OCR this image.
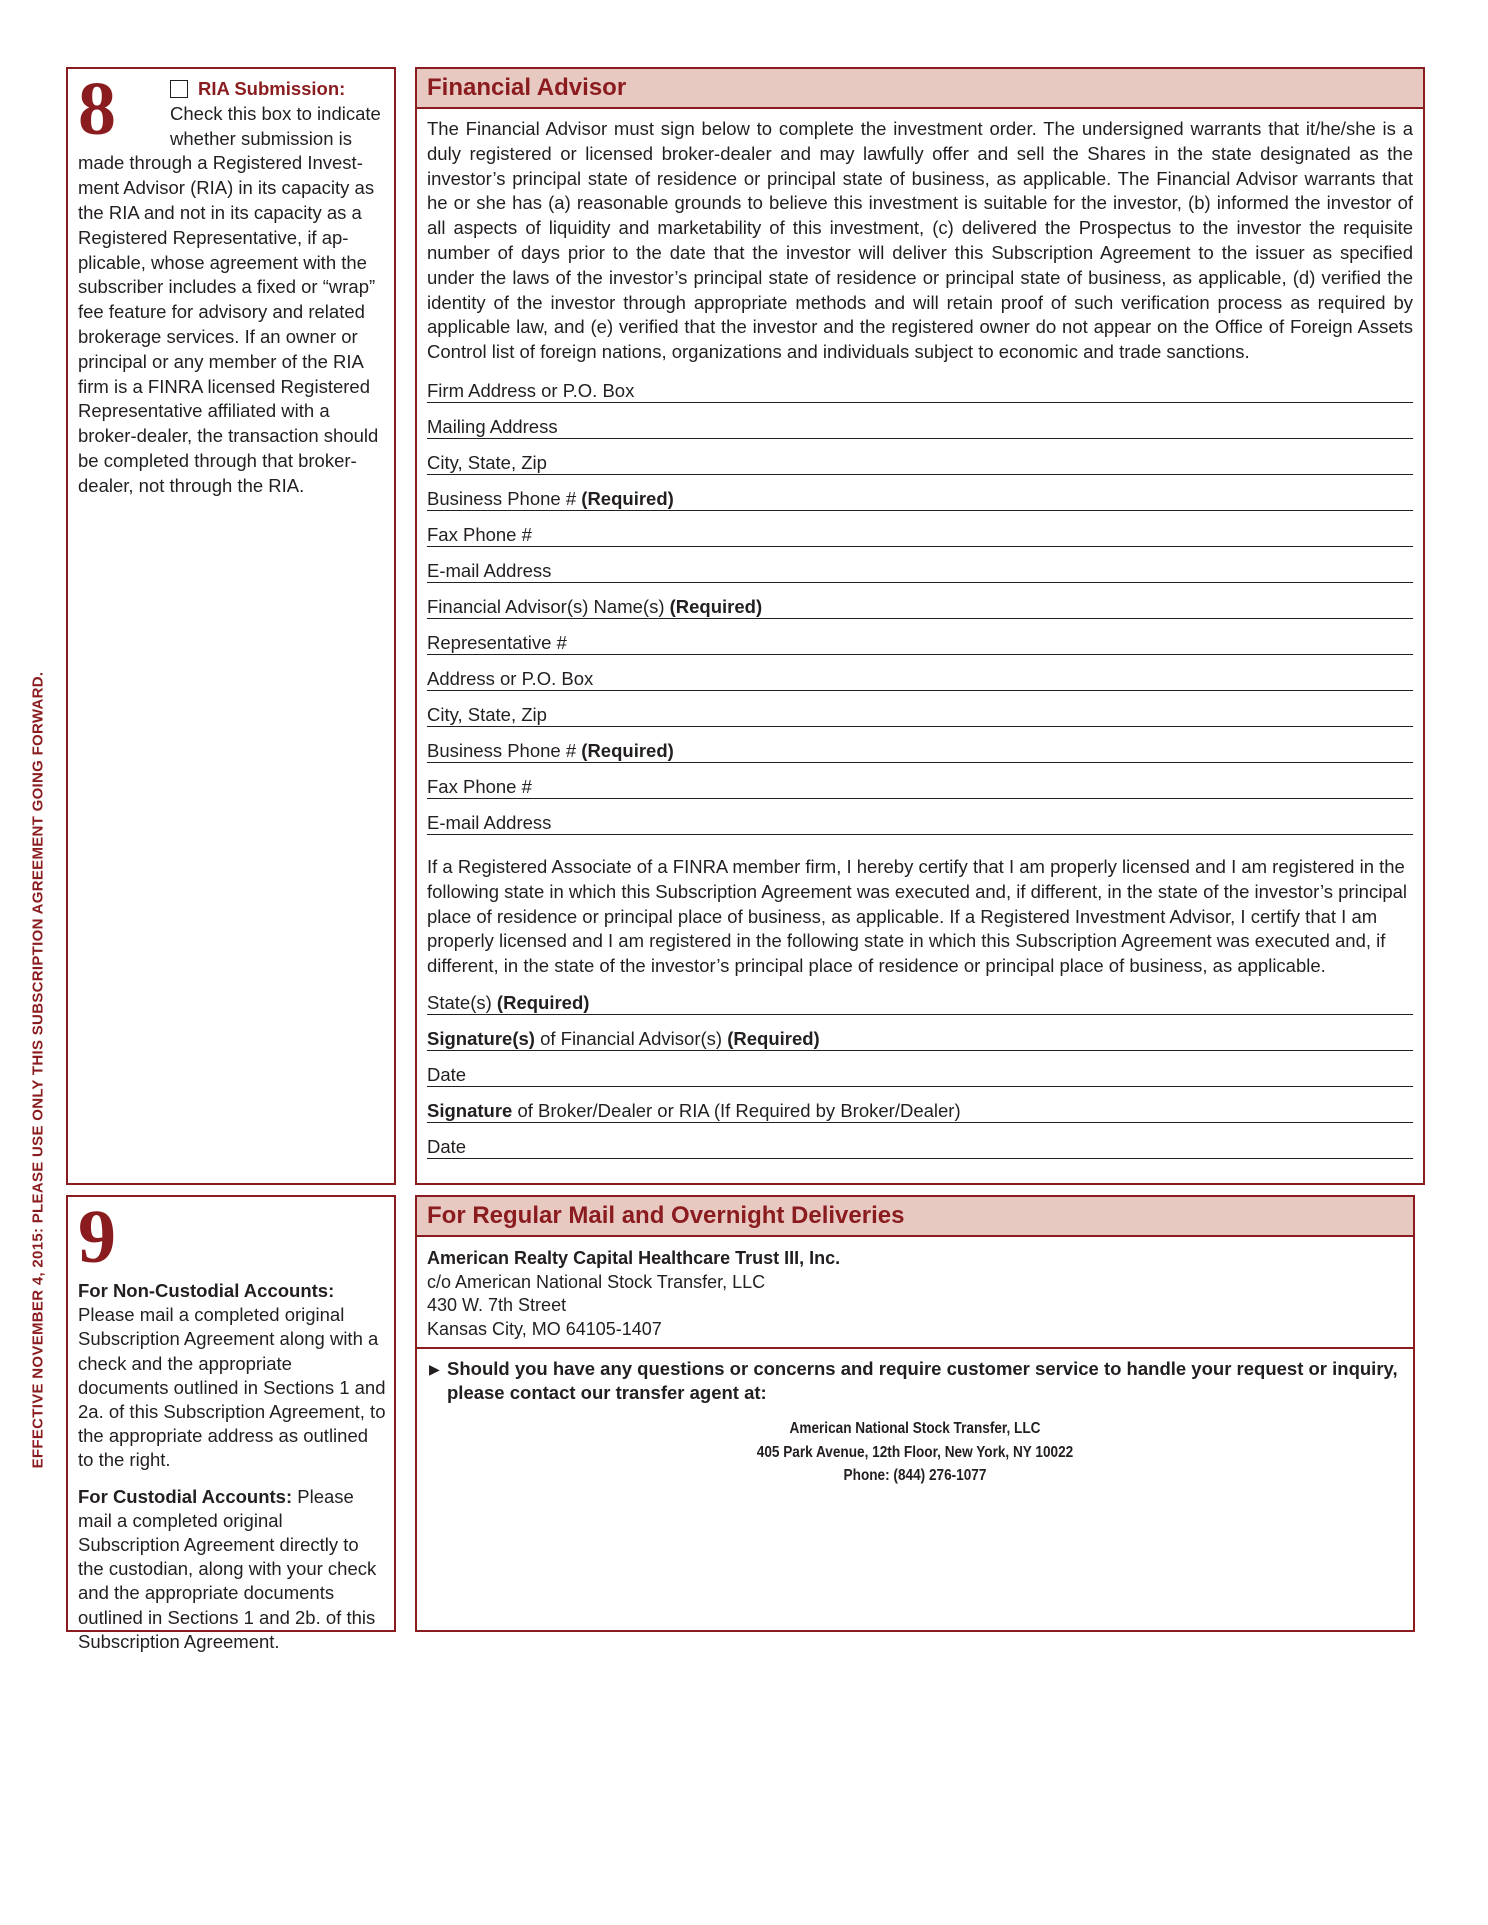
EFFECTIVE NOVEMBER 4, 2015: PLEASE USE ONLY THIS SUBSCRIPTION AGREEMENT GOING FORWARD.
8	RIA Submission:
Check this box to indicate whether submission is
made through a Registered Invest-ment Advisor (RIA) in its capacity as the RIA and not in its capacity as a Registered Representative, if ap-plicable, whose agreement with the subscriber includes a fixed or “wrap” fee feature for advisory and related brokerage services. If an owner or principal or any member of the RIA firm is a FINRA licensed Registered Representative affiliated with a broker-dealer, the transaction should be completed through that broker-dealer, not through the RIA.
Financial Advisor
The Financial Advisor must sign below to complete the investment order. The undersigned warrants that it/he/she is a duly registered or licensed broker-dealer and may lawfully offer and sell the Shares in the state designated as the investor’s principal state of residence or principal state of business, as applicable. The Financial Advisor warrants that he or she has (a) reasonable grounds to believe this investment is suitable for the investor, (b) informed the investor of all aspects of liquidity and marketability of this investment, (c) delivered the Prospectus to the investor the requisite number of days prior to the date that the investor will deliver this Subscription Agreement to the issuer as specified under the laws of the investor’s principal state of residence or principal state of business, as applicable, (d) verified the identity of the investor through appropriate methods and will retain proof of such verification process as required by applicable law, and (e) verified that the investor and the registered owner do not appear on the Office of Foreign Assets Control list of foreign nations, organizations and individuals subject to economic and trade sanctions.
Firm Address or P.O. Box
Mailing Address
City, State, Zip
Business Phone # (Required)
Fax Phone #
E-mail Address
Financial Advisor(s) Name(s) (Required)
Representative #
Address or P.O. Box
City, State, Zip
Business Phone # (Required)
Fax Phone #
E-mail Address
If a Registered Associate of a FINRA member firm, I hereby certify that I am properly licensed and I am registered in the following state in which this Subscription Agreement was executed and, if different, in the state of the investor’s principal place of residence or principal place of business, as applicable. If a Registered Investment Advisor, I certify that I am properly licensed and I am registered in the following state in which this Subscription Agreement was executed and, if different, in the state of the investor’s principal place of residence or principal place of business, as applicable.
State(s) (Required)
Signature(s) of Financial Advisor(s) (Required)
Date
Signature of Broker/Dealer or RIA (If Required by Broker/Dealer)
Date
9

For Non-Custodial Accounts: Please mail a completed original Subscription Agreement along with a check and the appropriate documents outlined in Sections 1 and 2a. of this Subscription Agreement, to the appropriate address as outlined to the right.

For Custodial Accounts: Please mail a completed original Subscription Agreement directly to the custodian, along with your check and the appropriate documents outlined in Sections 1 and 2b. of this Subscription Agreement.

For Regular Mail and Overnight Deliveries
American Realty Capital Healthcare Trust III, Inc.
c/o American National Stock Transfer, LLC
430 W. 7th Street
Kansas City, MO 64105-1407
▶ Should you have any questions or concerns and require customer service to handle your request or inquiry, please contact our transfer agent at:
American National Stock Transfer, LLC
405 Park Avenue, 12th Floor, New York, NY 10022
Phone: (844) 276-1077
